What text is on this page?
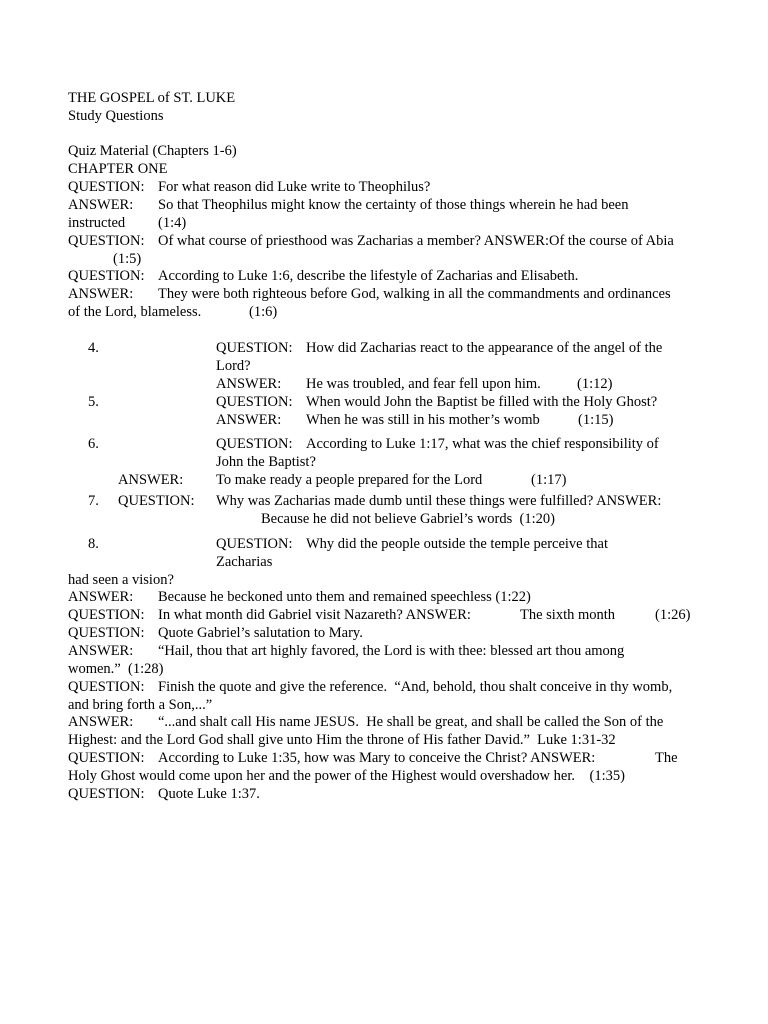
THE GOSPEL of ST. LUKE
Study Questions
Quiz Material (Chapters 1-6)
CHAPTER ONE
QUESTION: For what reason did Luke write to Theophilus?
ANSWER: So that Theophilus might know the certainty of those things wherein he had been
instructed (1:4)
QUESTION: Of what course of priesthood was Zacharias a member? ANSWER:Of the course of Abia
(1:5)
QUESTION: According to Luke 1:6, describe the lifestyle of Zacharias and Elisabeth.
ANSWER: They were both righteous before God, walking in all the commandments and ordinances
of the Lord, blameless.	(1:6)
4.	QUESTION: How did Zacharias react to the appearance of the angel of the
Lord?
ANSWER: He was troubled, and fear fell upon him.	(1:12)
5.	QUESTION: When would John the Baptist be filled with the Holy Ghost?
ANSWER: When he was still in his mother’s womb	(1:15)
6.	QUESTION: According to Luke 1:17, what was the chief responsibility of
John the Baptist?
ANSWER: To make ready a people prepared for the Lord	(1:17)
7. QUESTION: Why was Zacharias made dumb until these things were fulfilled? ANSWER:
Because he did not believe Gabriel’s words (1:20)
8.	QUESTION: Why did the people outside the temple perceive that
Zacharias
had seen a vision?
ANSWER: Because he beckoned unto them and remained speechless (1:22)
QUESTION: In what month did Gabriel visit Nazareth? ANSWER:	The sixth month	(1:26)
QUESTION: Quote Gabriel’s salutation to Mary.
ANSWER: “Hail, thou that art highly favored, the Lord is with thee: blessed art thou among
women.”  (1:28)
QUESTION: Finish the quote and give the reference.  “And, behold, thou shalt conceive in thy womb,
and bring forth a Son,...”
ANSWER: “...and shalt call His name JESUS.  He shall be great, and shall be called the Son of the
Highest: and the Lord God shall give unto Him the throne of His father David.”  Luke 1:31-32
QUESTION: According to Luke 1:35, how was Mary to conceive the Christ? ANSWER:	The
Holy Ghost would come upon her and the power of the Highest would overshadow her. (1:35)
QUESTION: Quote Luke 1:37.
